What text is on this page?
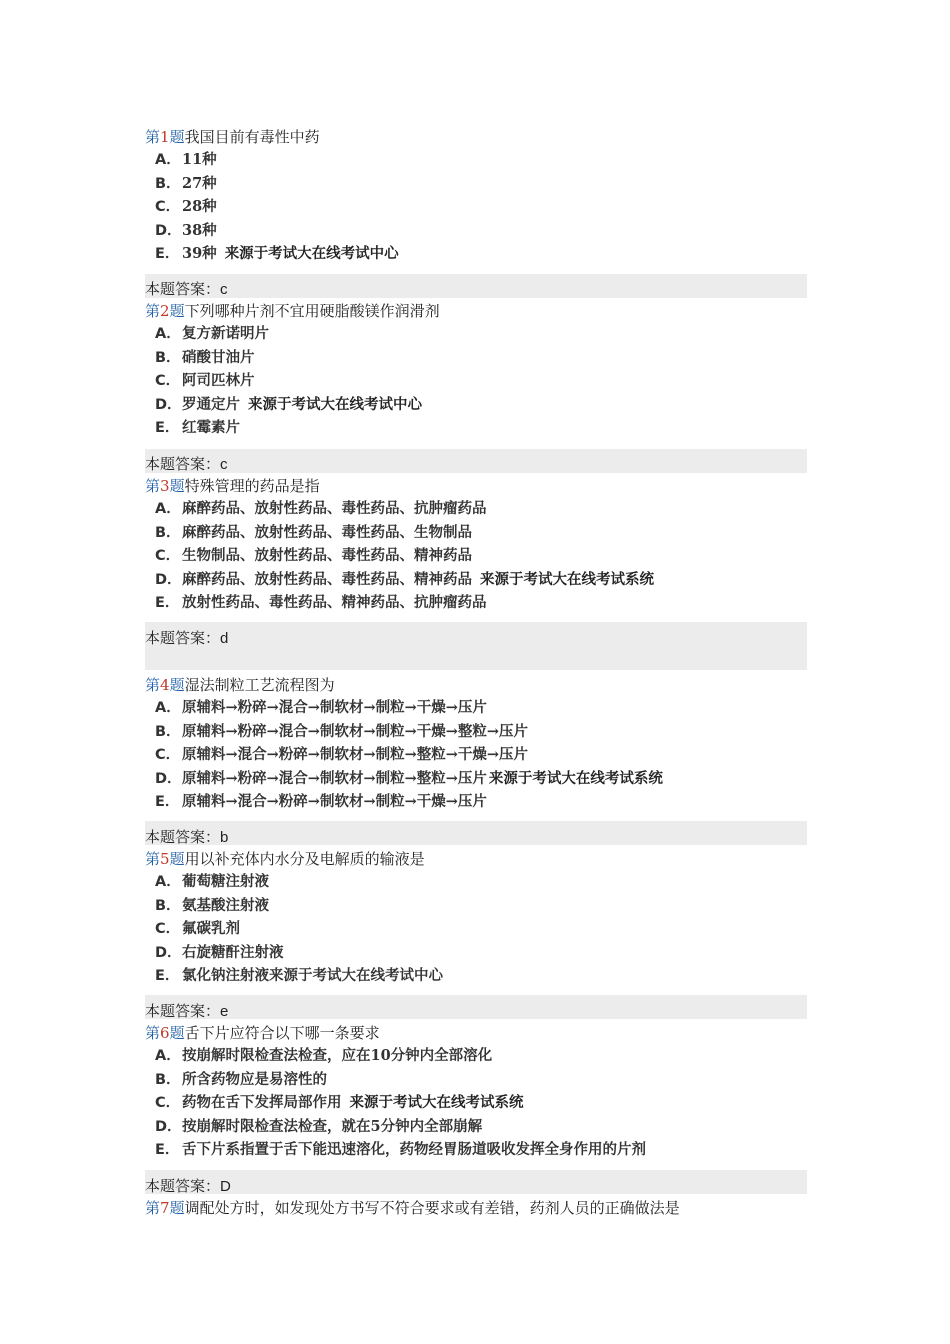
第1题我国目前有毒性中药
A．11种
B．27种
C． 28种
D．38种
E． 39种 来源于考试大在线考试中心
本题答案：c
第2题下列哪种片剂不宜用硬脂酸镁作润滑剂
A．复方新诺明片
B．硝酸甘油片
C． 阿司匹林片
D．罗通定片 来源于考试大在线考试中心
E． 红霉素片
本题答案：c
第3题特殊管理的药品是指
A．麻醉药品、放射性药品、毒性药品、抗肿瘤药品
B．麻醉药品、放射性药品、毒性药品、生物制品
C． 生物制品、放射性药品、毒性药品、精神药品
D．麻醉药品、放射性药品、毒性药品、精神药品 来源于考试大在线考试系统
E． 放射性药品、毒性药品、精神药品、抗肿瘤药品
本题答案：d
第4题湿法制粒工艺流程图为
A．原辅料→粉碎→混合→制软材→制粒→干燥→压片
B．原辅料→粉碎→混合→制软材→制粒→干燥→整粒→压片
C． 原辅料→混合→粉碎→制软材→制粒→整粒→干燥→压片
D．原辅料→粉碎→混合→制软材→制粒→整粒→压片 来源于考试大在线考试系统
E． 原辅料→混合→粉碎→制软材→制粒→干燥→压片
本题答案：b
第5题用以补充体内水分及电解质的输液是
A．葡萄糖注射液
B．氨基酸注射液
C． 氟碳乳剂
D．右旋糖酐注射液
E． 氯化钠注射液来源于考试大在线考试中心
本题答案：e
第6题舌下片应符合以下哪一条要求
A．按崩解时限检查法检查，应在10分钟内全部溶化
B．所含药物应是易溶性的
C． 药物在舌下发挥局部作用 来源于考试大在线考试系统
D．按崩解时限检查法检查，就在5分钟内全部崩解
E． 舌下片系指置于舌下能迅速溶化，药物经胃肠道吸收发挥全身作用的片剂
本题答案：D
第7题调配处方时，如发现处方书写不符合要求或有差错，药剂人员的正确做法是
